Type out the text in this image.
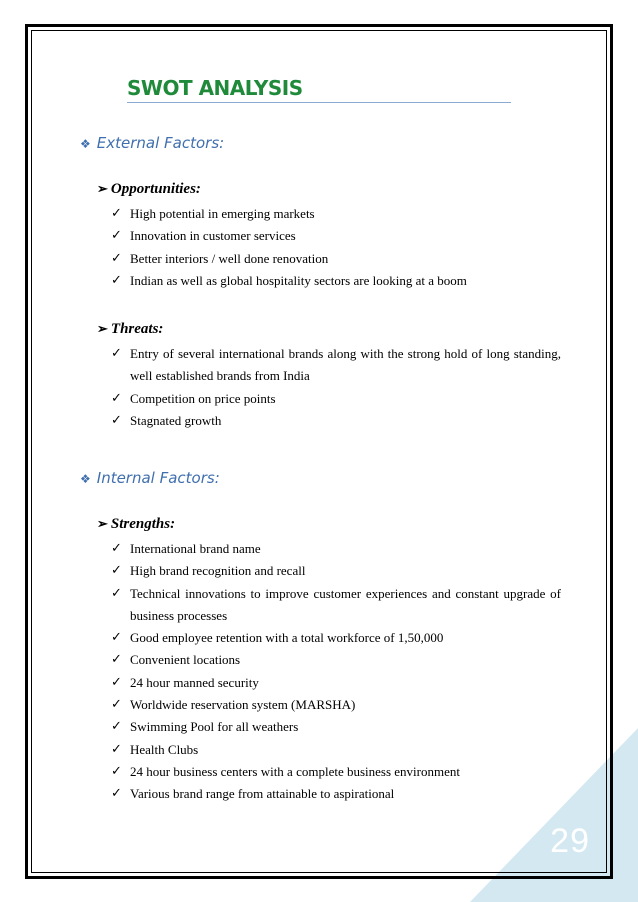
SWOT ANALYSIS
❖ External Factors:
➢ Opportunities:
✓ High potential in emerging markets
✓ Innovation in customer services
✓ Better interiors / well done renovation
✓ Indian as well as global hospitality sectors are looking at a boom
➢ Threats:
✓ Entry of several international brands along with the strong hold of long standing, well established brands from India
✓ Competition on price points
✓ Stagnated growth
❖ Internal Factors:
➢ Strengths:
✓ International brand name
✓ High brand recognition and recall
✓ Technical innovations to improve customer experiences and constant upgrade of business processes
✓ Good employee retention with a total workforce of 1,50,000
✓ Convenient locations
✓ 24 hour manned security
✓ Worldwide reservation system (MARSHA)
✓ Swimming Pool for all weathers
✓ Health Clubs
✓ 24 hour business centers with a complete business environment
✓ Various brand range from attainable to aspirational
29
